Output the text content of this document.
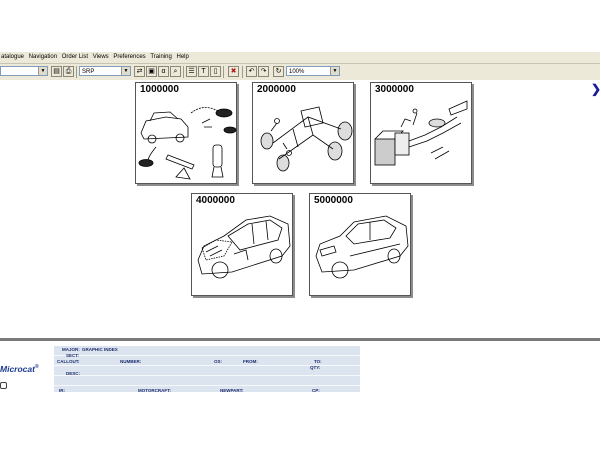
atalogue Navigation Order List Views Preferences Training Help
▼	▤ ⎙	SRP	▼	⇄ ▣ α	⌕	☰ T	▯	✖	↶ ↷	↻	100%	▼
1000000	2000000	3000000
4000000	5000000
❯
Microcat®
MAJOR: GRAPHIC INDEX
SECT:
CALLOUT:	NUMBER:	OS:	FROM:	TO:
QTY:
DESC:
IR:	MOTORCRAFT:	NEWPART:	CP:
